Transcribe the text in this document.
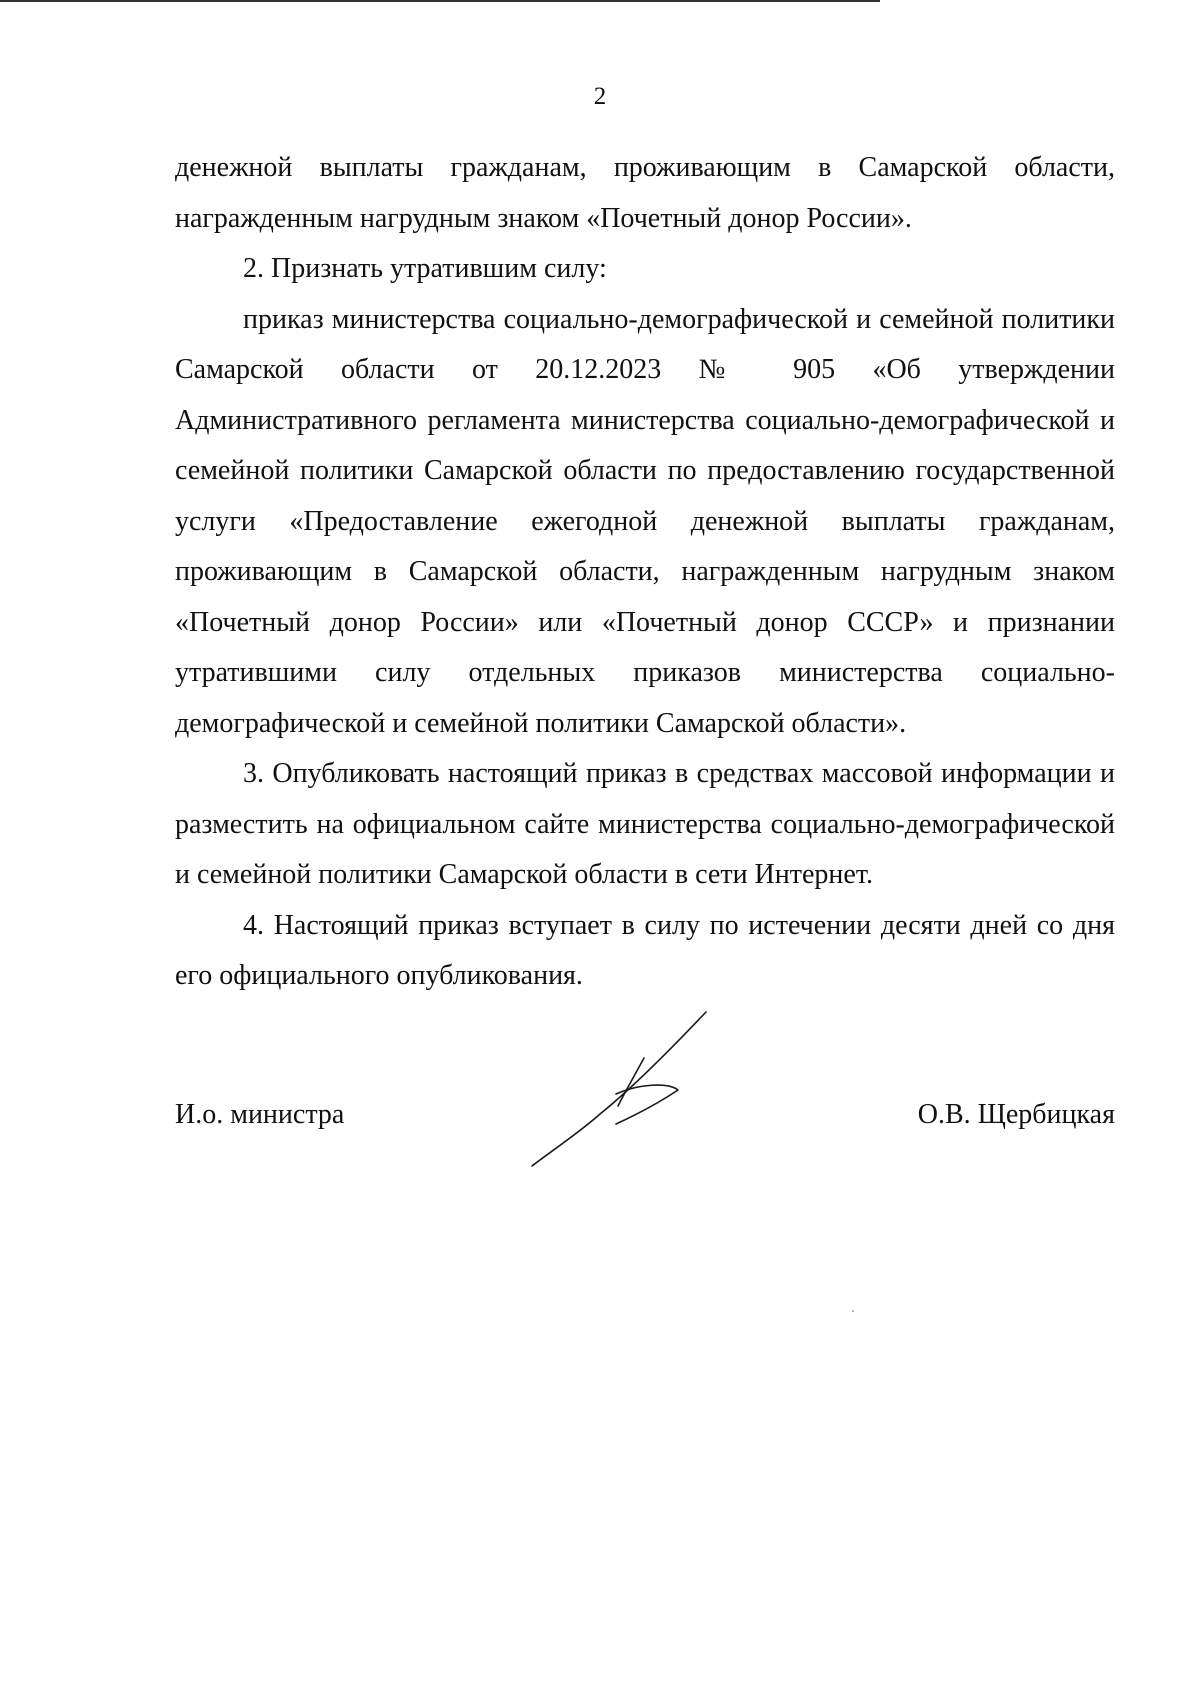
2

денежной выплаты гражданам, проживающим в Самарской области, награжденным нагрудным знаком «Почетный донор России».

2. Признать утратившим силу:

приказ министерства социально-демографической и семейной политики Самарской области от 20.12.2023 № 905 «Об утверждении Административного регламента министерства социально-демографической и семейной политики Самарской области по предоставлению государственной услуги «Предоставление ежегодной денежной выплаты гражданам, проживающим в Самарской области, награжденным нагрудным знаком «Почетный донор России» или «Почетный донор СССР» и признании утратившими силу отдельных приказов министерства социально-демографической и семейной политики Самарской области».

3. Опубликовать настоящий приказ в средствах массовой информации и разместить на официальном сайте министерства социально-демографической и семейной политики Самарской области в сети Интернет.

4. Настоящий приказ вступает в силу по истечении десяти дней со дня его официального опубликования.

И.о. министра	О.В. Щербицкая
